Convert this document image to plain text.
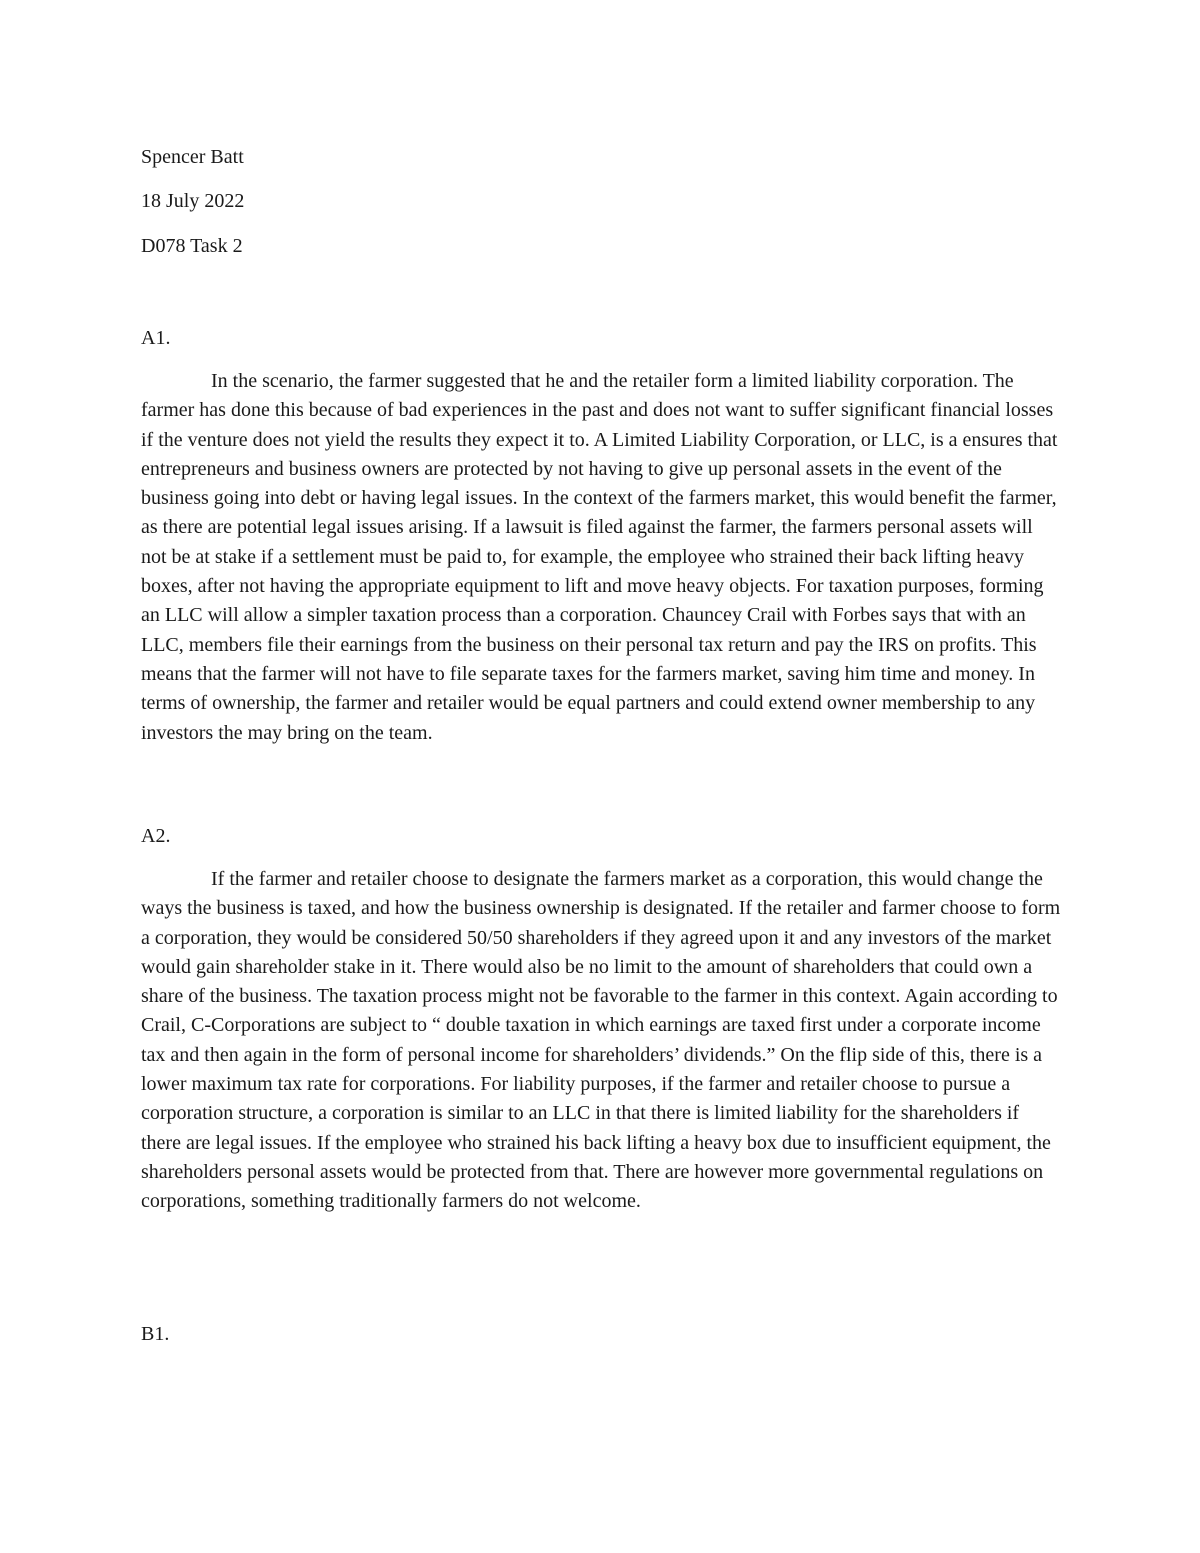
Spencer Batt
18 July 2022
D078 Task 2
A1.

In the scenario, the farmer suggested that he and the retailer form a limited liability corporation. The farmer has done this because of bad experiences in the past and does not want to suffer significant financial losses if the venture does not yield the results they expect it to. A Limited Liability Corporation, or LLC, is a ensures that entrepreneurs and business owners are protected by not having to give up personal assets in the event of the business going into debt or having legal issues. In the context of the farmers market, this would benefit the farmer, as there are potential legal issues arising. If a lawsuit is filed against the farmer, the farmers personal assets will not be at stake if a settlement must be paid to, for example, the employee who strained their back lifting heavy boxes, after not having the appropriate equipment to lift and move heavy objects. For taxation purposes, forming an LLC will allow a simpler taxation process than a corporation. Chauncey Crail with Forbes says that with an LLC, members file their earnings from the business on their personal tax return and pay the IRS on profits. This means that the farmer will not have to file separate taxes for the farmers market, saving him time and money. In terms of ownership, the farmer and retailer would be equal partners and could extend owner membership to any investors the may bring on the team.

A2.

If the farmer and retailer choose to designate the farmers market as a corporation, this would change the ways the business is taxed, and how the business ownership is designated. If the retailer and farmer choose to form a corporation, they would be considered 50/50 shareholders if they agreed upon it and any investors of the market would gain shareholder stake in it. There would also be no limit to the amount of shareholders that could own a share of the business. The taxation process might not be favorable to the farmer in this context. Again according to Crail, C-Corporations are subject to “ double taxation in which earnings are taxed first under a corporate income tax and then again in the form of personal income for shareholders’ dividends.” On the flip side of this, there is a lower maximum tax rate for corporations. For liability purposes, if the farmer and retailer choose to pursue a corporation structure, a corporation is similar to an LLC in that there is limited liability for the shareholders if there are legal issues. If the employee who strained his back lifting a heavy box due to insufficient equipment, the shareholders personal assets would be protected from that. There are however more governmental regulations on corporations, something traditionally farmers do not welcome.

B1.
